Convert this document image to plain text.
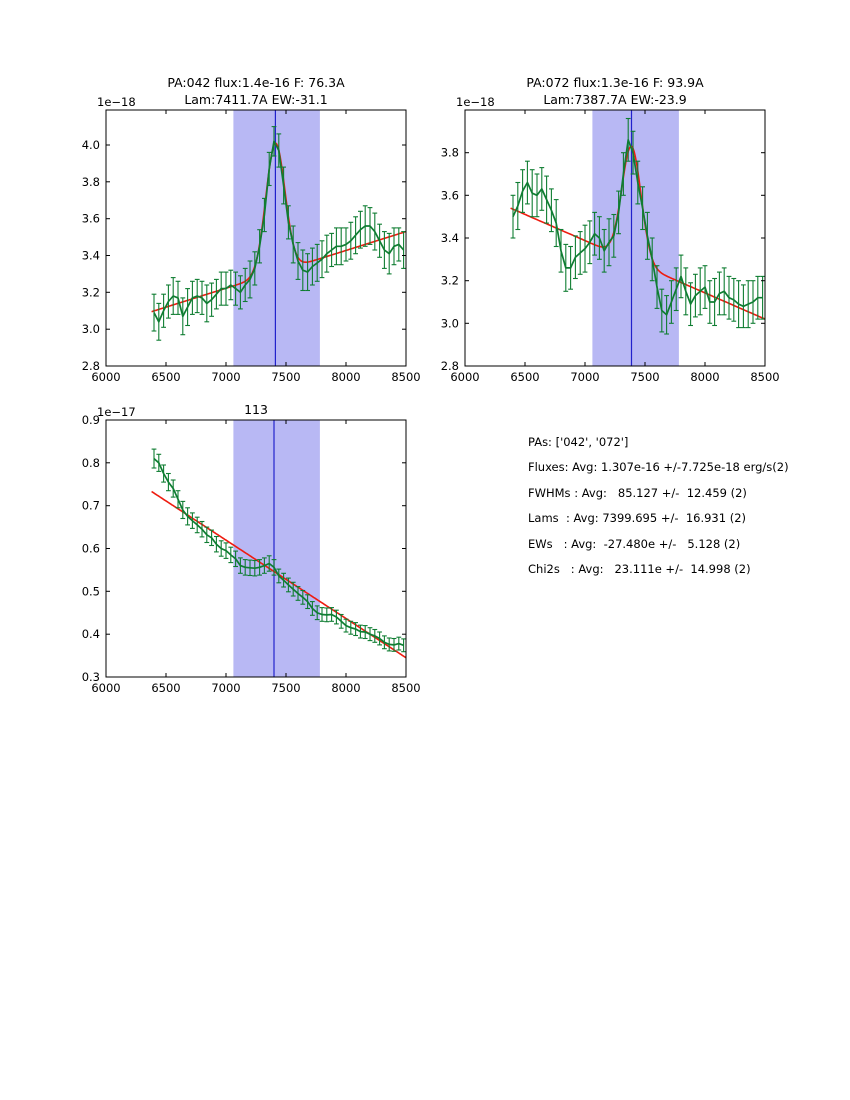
6000	6500	7000	7500	8000	8500
2.8
3.0
3.2
3.4
3.6
3.8
4.0
1e−18
PA:042 flux:1.4e-16 F: 76.3A
Lam:7411.7A EW:-31.1
6000	6500	7000	7500	8000	8500
2.8
3.0
3.2
3.4
3.6
3.8
1e−18
PA:072 flux:1.3e-16 F: 93.9A
Lam:7387.7A EW:-23.9
6000	6500	7000	7500	8000	8500
0.3
0.4
0.5
0.6
0.7
0.8
0.9
1e−17	113
PAs: ['042', '072']
Fluxes: Avg: 1.307e-16 +/-7.725e-18 erg/s(2)
FWHMs : Avg:   85.127 +/-  12.459 (2)
Lams  : Avg: 7399.695 +/-  16.931 (2)
EWs   : Avg:  -27.480e +/-   5.128 (2)
Chi2s   : Avg:   23.111e +/-  14.998 (2)
